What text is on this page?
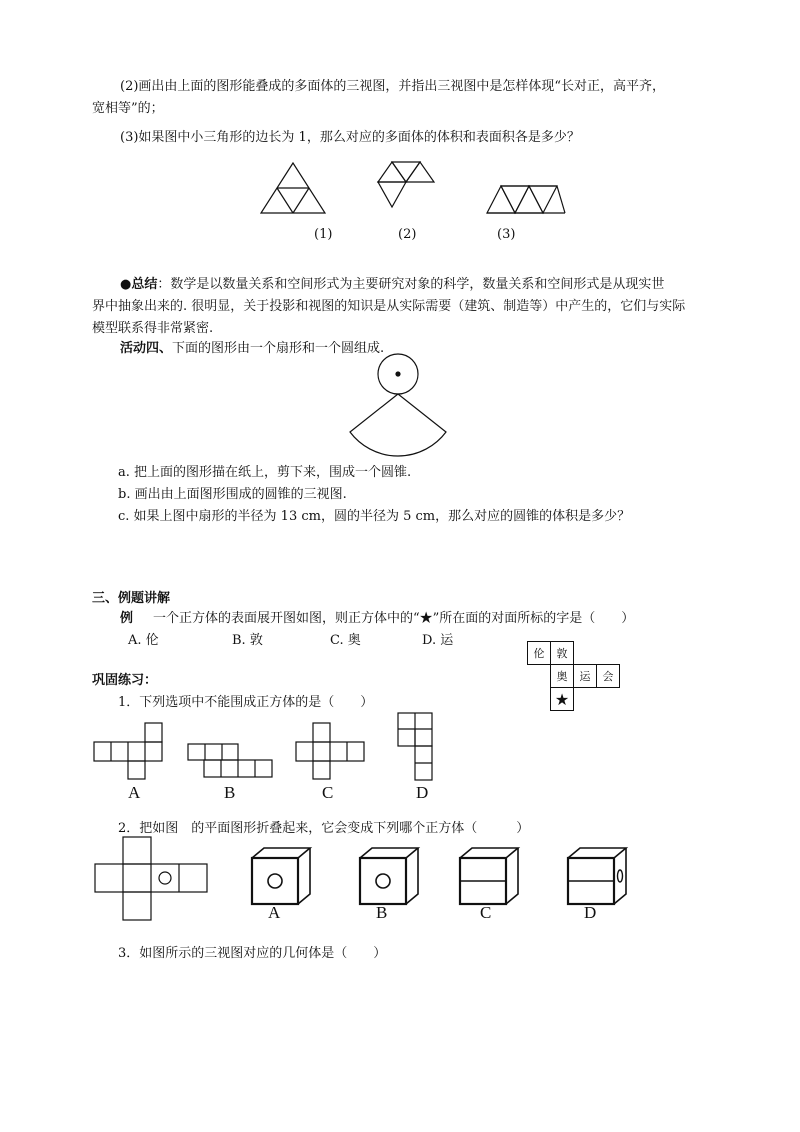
(2)画出由上面的图形能叠成的多面体的三视图，并指出三视图中是怎样体现“长对正，高平齐，
宽相等”的；
(3)如果图中小三角形的边长为 1，那么对应的多面体的体积和表面积各是多少？
(1)	(2)	(3)
●总结：数学是以数量关系和空间形式为主要研究对象的科学，数量关系和空间形式是从现实世
界中抽象出来的. 很明显，关于投影和视图的知识是从实际需要（建筑、制造等）中产生的，它们与实际
模型联系得非常紧密.
活动四、下面的图形由一个扇形和一个圆组成.
a. 把上面的图形描在纸上，剪下来，围成一个圆锥.
b. 画出由上面图形围成的圆锥的三视图.
c. 如果上图中扇形的半径为 13 cm，圆的半径为 5 cm，那么对应的圆锥的体积是多少？
三、例题讲解
例 一个正方体的表面展开图如图，则正方体中的“★”所在面的对面所标的字是（　　）
A. 伦	B. 敦	C. 奥	D. 运
伦	敦
奥	运	会
★
巩固练习：
1．下列选项中不能围成正方体的是（　　）
A	B	C	D
2．把如图　的平面图形折叠起来，它会变成下列哪个正方体（　　　）
A	B	C	D
3．如图所示的三视图对应的几何体是（　　）
